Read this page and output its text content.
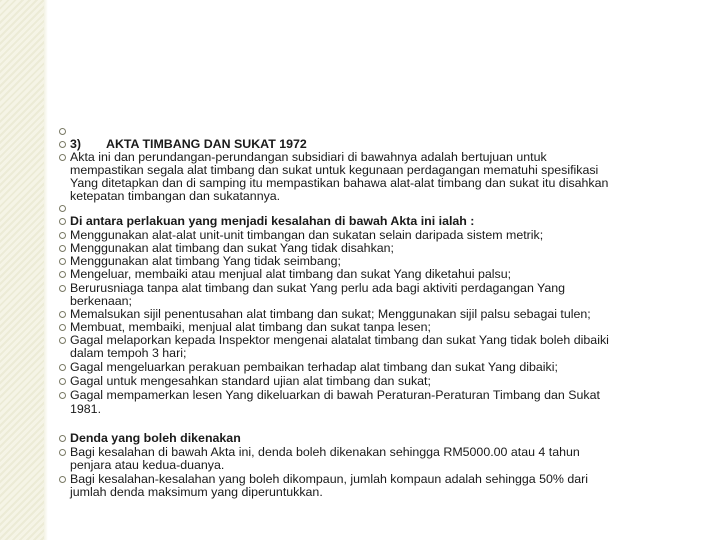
3) AKTA TIMBANG DAN SUKAT 1972
Akta ini dan perundangan-perundangan subsidiari di bawahnya adalah bertujuan untuk
mempastikan segala alat timbang dan sukat untuk kegunaan perdagangan mematuhi spesifikasi
Yang ditetapkan dan di samping itu mempastikan bahawa alat-alat timbang dan sukat itu disahkan
ketepatan timbangan dan sukatannya.
Di antara perlakuan yang menjadi kesalahan di bawah Akta ini ialah :
Menggunakan alat-alat unit-unit timbangan dan sukatan selain daripada sistem metrik;
Menggunakan alat timbang dan sukat Yang tidak disahkan;
Menggunakan alat timbang Yang tidak seimbang;
Mengeluar, membaiki atau menjual alat timbang dan sukat Yang diketahui palsu;
Berurusniaga tanpa alat timbang dan sukat Yang perlu ada bagi aktiviti perdagangan Yang
berkenaan;
Memalsukan sijil penentusahan alat timbang dan sukat; Menggunakan sijil palsu sebagai tulen;
Membuat, membaiki, menjual alat timbang dan sukat tanpa lesen;
Gagal melaporkan kepada Inspektor mengenai alatalat timbang dan sukat Yang tidak boleh dibaiki
dalam tempoh 3 hari;
Gagal mengeluarkan perakuan pembaikan terhadap alat timbang dan sukat Yang dibaiki;
Gagal untuk mengesahkan standard ujian alat timbang dan sukat;
Gagal mempamerkan lesen Yang dikeluarkan di bawah Peraturan-Peraturan Timbang dan Sukat
1981.
Denda yang boleh dikenakan
Bagi kesalahan di bawah Akta ini, denda boleh dikenakan sehingga RM5000.00 atau 4 tahun
penjara atau kedua-duanya.
Bagi kesalahan-kesalahan yang boleh dikompaun, jumlah kompaun adalah sehingga 50% dari
jumlah denda maksimum yang diperuntukkan.
